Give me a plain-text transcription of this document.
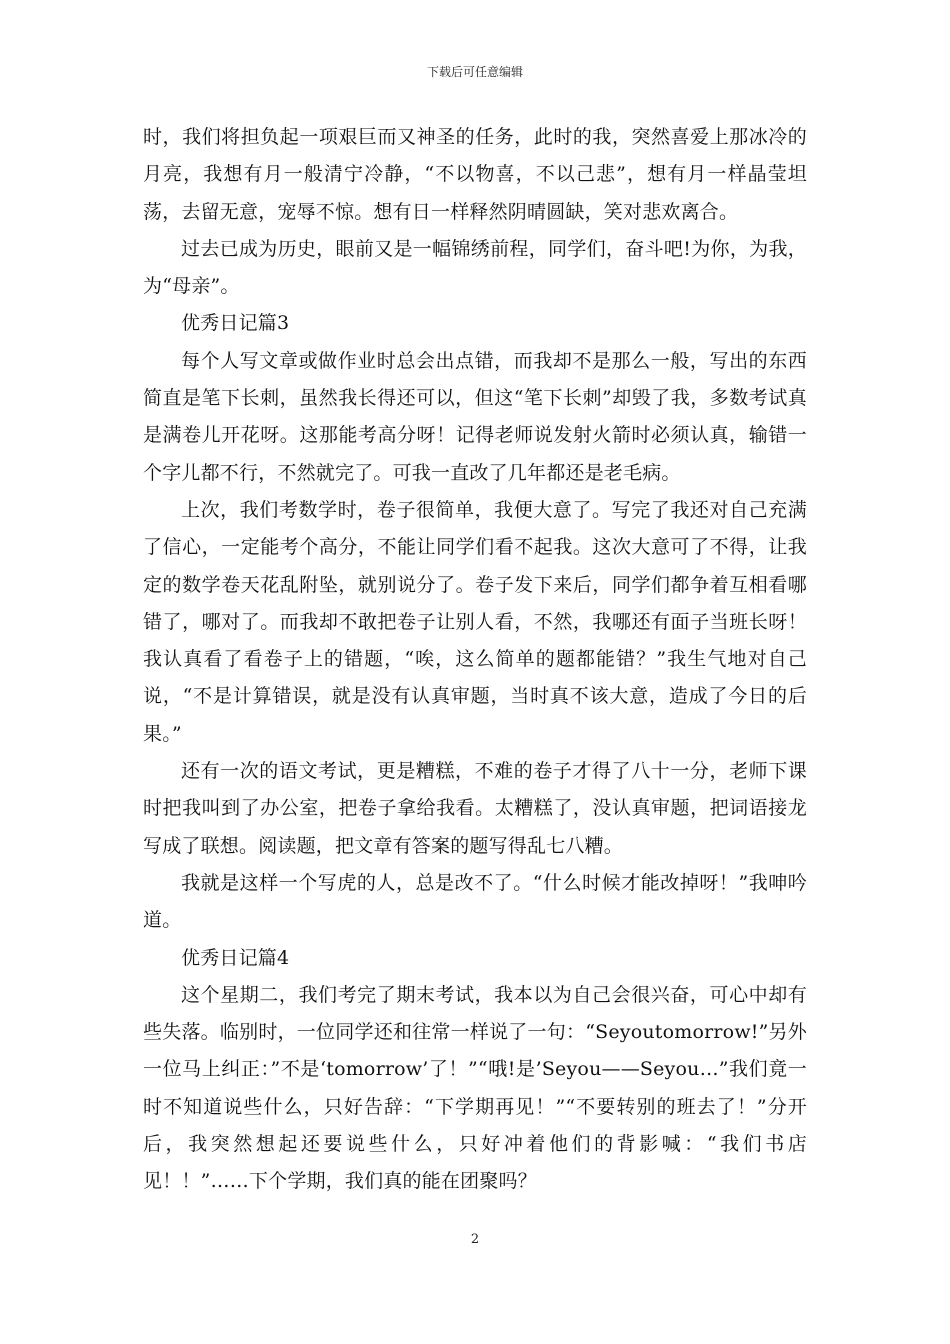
下载后可任意编辑

时，我们将担负起一项艰巨而又神圣的任务，此时的我，突然喜爱上那冰冷的月亮，我想有月一般清宁冷静，“不以物喜，不以己悲”，想有月一样晶莹坦荡，去留无意，宠辱不惊。想有日一样释然阴晴圆缺，笑对悲欢离合。

过去已成为历史，眼前又是一幅锦绣前程，同学们，奋斗吧!为你，为我，为“母亲”。

优秀日记篇3

每个人写文章或做作业时总会出点错，而我却不是那么一般，写出的东西简直是笔下长刺，虽然我长得还可以，但这“笔下长刺”却毁了我，多数考试真是满卷儿开花呀。这那能考高分呀！记得老师说发射火箭时必须认真，输错一个字儿都不行，不然就完了。可我一直改了几年都还是老毛病。

上次，我们考数学时，卷子很简单，我便大意了。写完了我还对自己充满了信心，一定能考个高分，不能让同学们看不起我。这次大意可了不得，让我定的数学卷天花乱附坠，就别说分了。卷子发下来后，同学们都争着互相看哪错了，哪对了。而我却不敢把卷子让别人看，不然，我哪还有面子当班长呀！我认真看了看卷子上的错题，“唉，这么简单的题都能错？”我生气地对自己说，“不是计算错误，就是没有认真审题，当时真不该大意，造成了今日的后果。”

还有一次的语文考试，更是糟糕，不难的卷子才得了八十一分，老师下课时把我叫到了办公室，把卷子拿给我看。太糟糕了，没认真审题，把词语接龙写成了联想。阅读题，把文章有答案的题写得乱七八糟。

我就是这样一个写虎的人，总是改不了。“什么时候才能改掉呀！”我呻吟道。

优秀日记篇4

这个星期二，我们考完了期末考试，我本以为自己会很兴奋，可心中却有些失落。临别时，一位同学还和往常一样说了一句：“Seyoutomorrow!”另外一位马上纠正：”不是‘tomorrow’了！”“哦!是’Seyou——Seyou…”我们竟一时不知道说些什么，只好告辞：“下学期再见！”“不要转别的班去了！”分开后，我突然想起还要说些什么，只好冲着他们的背影喊：“我们书店见！！”……下个学期，我们真的能在团聚吗？

2
